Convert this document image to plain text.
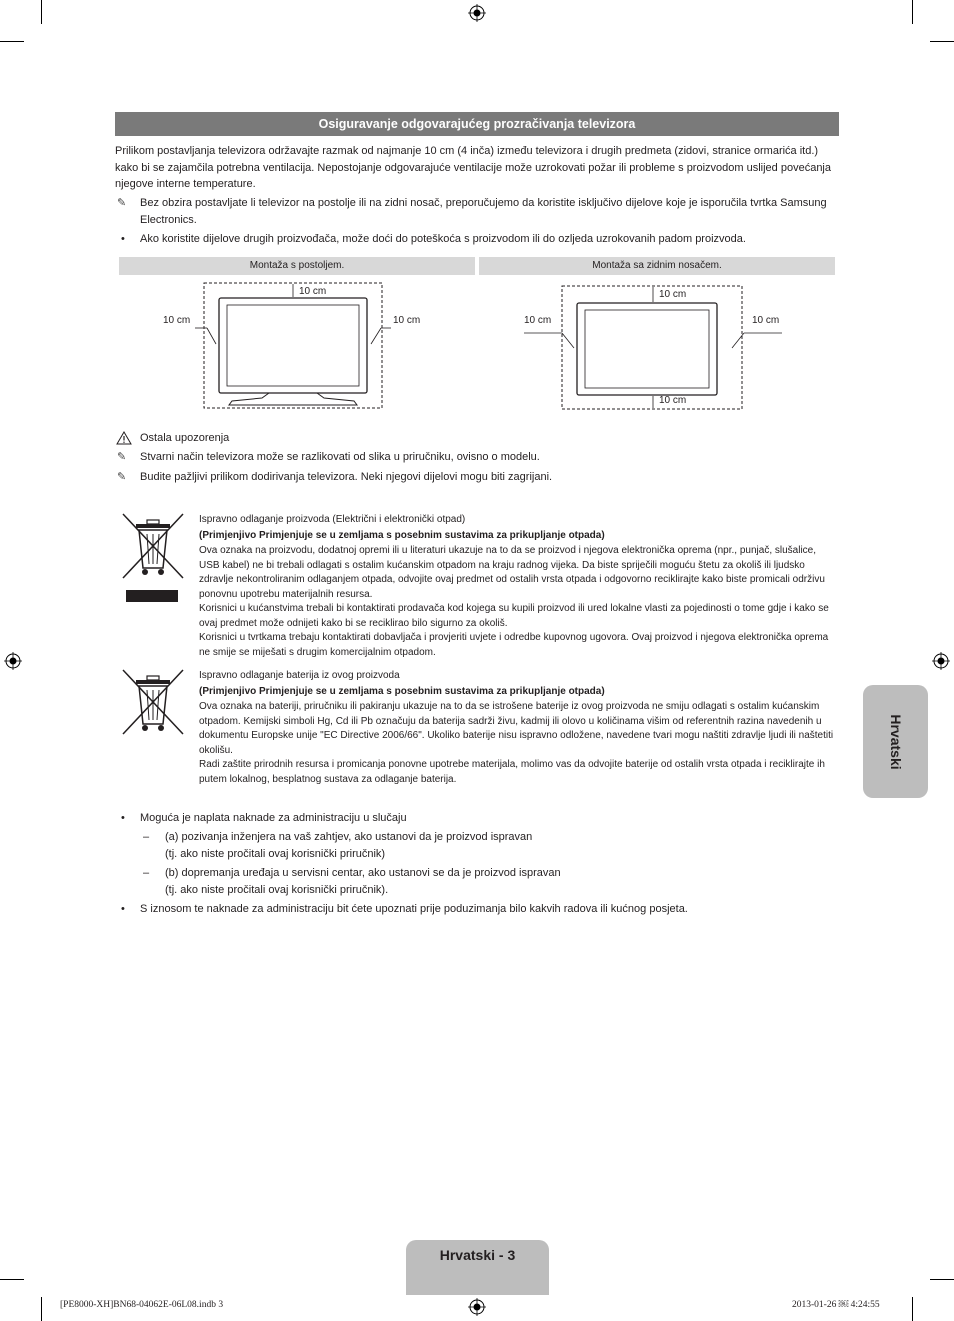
Osiguravanje odgovarajućeg prozračivanja televizora
Prilikom postavljanja televizora održavajte razmak od najmanje 10 cm (4 inča) između televizora i drugih predmeta (zidovi, stranice ormarića itd.) kako bi se zajamčila potrebna ventilacija. Nepostojanje odgovarajuće ventilacije može uzrokovati požar ili probleme s proizvodom uslijed povećanja njegove interne temperature.
✎ Bez obzira postavljate li televizor na postolje ili na zidni nosač, preporučujemo da koristite isključivo dijelove koje je isporučila tvrtka Samsung Electronics.
• Ako koristite dijelove drugih proizvođača, može doći do poteškoća s proizvodom ili do ozljeda uzrokovanih padom proizvoda.
Montaža s postoljem.	Montaža sa zidnim nosačem.
10 cm
10 cm	10 cm
10 cm
10 cm	10 cm
10 cm
Ostala upozorenja
✎ Stvarni način televizora može se razlikovati od slika u priručniku, ovisno o modelu.
✎ Budite pažljivi prilikom dodirivanja televizora. Neki njegovi dijelovi mogu biti zagrijani.
Ispravno odlaganje proizvoda (Električni i elektronički otpad)
(Primjenjivo Primjenjuje se u zemljama s posebnim sustavima za prikupljanje otpada)
Ova oznaka na proizvodu, dodatnoj opremi ili u literaturi ukazuje na to da se proizvod i njegova elektronička oprema (npr., punjač, slušalice, USB kabel) ne bi trebali odlagati s ostalim kućanskim otpadom na kraju radnog vijeka. Da biste spriječili moguću štetu za okoliš ili ljudsko zdravlje nekontroliranim odlaganjem otpada, odvojite ovaj predmet od ostalih vrsta otpada i odgovorno reciklirajte kako biste promicali održivu ponovnu upotrebu materijalnih resursa.
Korisnici u kućanstvima trebali bi kontaktirati prodavača kod kojega su kupili proizvod ili ured lokalne vlasti za pojedinosti o tome gdje i kako se ovaj predmet može odnijeti kako bi se reciklirao bilo sigurno za okoliš.
Korisnici u tvrtkama trebaju kontaktirati dobavljača i provjeriti uvjete i odredbe kupovnog ugovora. Ovaj proizvod i njegova elektronička oprema ne smije se miješati s drugim komercijalnim otpadom.
Ispravno odlaganje baterija iz ovog proizvoda
(Primjenjivo Primjenjuje se u zemljama s posebnim sustavima za prikupljanje otpada)
Ova oznaka na bateriji, priručniku ili pakiranju ukazuje na to da se istrošene baterije iz ovog proizvoda ne smiju odlagati s ostalim kućanskim otpadom. Kemijski simboli Hg, Cd ili Pb označuju da baterija sadrži živu, kadmij ili olovo u količinama višim od referentnih razina navedenih u dokumentu Europske unije "EC Directive 2006/66". Ukoliko baterije nisu ispravno odložene, navedene tvari mogu naštiti zdravlje ljudi ili naštetiti okolišu.
Radi zaštite prirodnih resursa i promicanja ponovne upotrebe materijala, molimo vas da odvojite baterije od ostalih vrsta otpada i reciklirajte ih putem lokalnog, besplatnog sustava za odlaganje baterija.
• Moguća je naplata naknade za administraciju u slučaju
– (a) pozivanja inženjera na vaš zahtjev, ako ustanovi da je proizvod ispravan
(tj. ako niste pročitali ovaj korisnički priručnik)
– (b) dopremanja uređaja u servisni centar, ako ustanovi se da je proizvod ispravan
(tj. ako niste pročitali ovaj korisnički priručnik).
• S iznosom te naknade za administraciju bit ćete upoznati prije poduzimanja bilo kakvih radova ili kućnog posjeta.
Hrvatski
Hrvatski - 3
[PE8000-XH]BN68-04062E-06L08.indb 3	2013-01-26 ￼ 4:24:55
